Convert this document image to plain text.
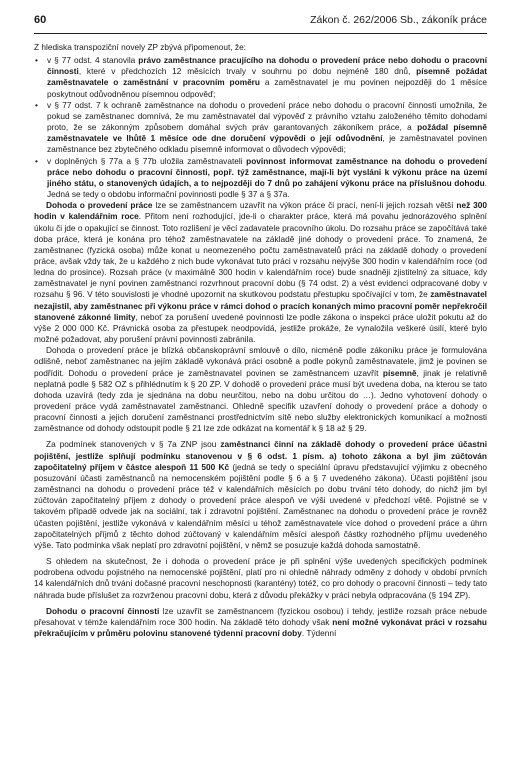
60	Zákon č. 262/2006 Sb., zákoník práce

Z hlediska transpoziční novely ZP zbývá připomenout, že:

• v § 77 odst. 4 stanovila právo zaměstnance pracujícího na dohodu o provedení práce nebo dohodu o pracovní činnosti, které v předchozích 12 měsících trvaly v souhrnu po dobu nejméně 180 dnů, písemně požádat zaměstnavatele o zaměstnání v pracovním poměru a zaměstnavatel je mu povinen nejpozději do 1 měsíce poskytnout odůvodněnou písemnou odpověď;
• v § 77 odst. 7 k ochraně zaměstnance na dohodu o provedení práce nebo dohodu o pracovní činnosti umožnila, že pokud se zaměstnanec domnívá, že mu zaměstnavatel dal výpověď z právního vztahu založeného těmito dohodami proto, že se zákonným způsobem domáhal svých práv garantovaných zákoníkem práce, a požádal písemně zaměstnavatele ve lhůtě 1 měsíce ode dne doručení výpovědi o její odůvodnění, je zaměstnavatel povinen zaměstnance bez zbytečného odkladu písemně informovat o důvodech výpovědi;
• v doplněných § 77a a § 77b uložila zaměstnavateli povinnost informovat zaměstnance na dohodu o provedení práce nebo dohodu o pracovní činnosti, popř. týž zaměstnance, mají-li být vysláni k výkonu práce na území jiného státu, o stanovených údajích, a to nejpozději do 7 dnů po zahájení výkonu práce na příslušnou dohodu. Jedná se tedy o obdobu informační povinnosti podle § 37 a § 37a.

Dohoda o provedení práce lze se zaměstnancem uzavřít na výkon práce či prací, není-li jejich rozsah větší než 300 hodin v kalendářním roce. Přitom není rozhodující, jde-li o charakter práce, která má povahu jednorázového splnění úkolu či jde o opakující se činnost. Toto rozlišení je věcí zadavatele pracovního úkolu. Do rozsahu práce se započítává také doba práce, která je konána pro téhož zaměstnavatele na základě jiné dohody o provedení práce. To znamená, že zaměstnanec (fyzická osoba) může konat u neomezeného počtu zaměstnavatelů práci na základě dohody o provedení práce, avšak vždy tak, že u každého z nich bude vykonávat tuto práci v rozsahu nejvýše 300 hodin v kalendářním roce (od ledna do prosince). Rozsah práce (v maximálně 300 hodin v kalendářním roce) bude snadněji zjistitelný za situace, kdy zaměstnavatel je nyní povinen zaměstnanci rozvrhnout pracovní dobu (§ 74 odst. 2) a vést evidenci odpracované doby v rozsahu § 96. V této souvislosti je vhodné upozornit na skutkovou podstatu přestupku spočívající v tom, že zaměstnavatel nezajistil, aby zaměstnanec při výkonu práce v rámci dohod o pracích konaných mimo pracovní poměr nepřekročil stanovené zákonné limity, neboť za porušení uvedené povinnosti lze podle zákona o inspekci práce uložit pokutu až do výše 2 000 000 Kč. Právnická osoba za přestupek neodpovídá, jestliže prokáže, že vynaložila veškeré úsilí, které bylo možné požadovat, aby porušení právní povinnosti zabránila.

Dohoda o provedení práce je blízká občanskoprávní smlouvě o dílo, nicméně podle zákoníku práce je formulována odlišně, neboť zaměstnanec na jejím základě vykonává práci osobně a podle pokynů zaměstnavatele, jimž je povinen se podřídit. Dohodu o provedení práce je zaměstnavatel povinen se zaměstnancem uzavřít písemně, jinak je relativně neplatná podle § 582 OZ s přihlédnutím k § 20 ZP. V dohodě o provedení práce musí být uvedena doba, na kterou se tato dohoda uzavírá (tedy zda je sjednána na dobu neurčitou, nebo na dobu určitou do …). Jedno vyhotovení dohody o provedení práce vydá zaměstnavatel zaměstnanci. Ohledně specifik uzavření dohody o provedení práce a dohody o pracovní činnosti a jejich doručení zaměstnanci prostřednictvím sítě nebo služby elektronických komunikací a možnosti zaměstnance od dohody odstoupit podle § 21 lze zde odkázat na komentář k § 18 až § 29.

Za podmínek stanovených v § 7a ZNP jsou zaměstnanci činní na základě dohody o provedení práce účastni pojištění, jestliže splňují podmínku stanovenou v § 6 odst. 1 písm. a) tohoto zákona a byl jim zúčtován započitatelný příjem v částce alespoň 11 500 Kč (jedná se tedy o speciální úpravu představující výjimku z obecného posuzování účasti zaměstnanců na nemocenském pojištění podle § 6 a § 7 uvedeného zákona). Účasti pojištění jsou zaměstnanci na dohodu o provedení práce též v kalendářních měsících po dobu trvání této dohody, do nichž jim byl zúčtován započitatelný příjem z dohody o provedení práce alespoň ve výši uvedené v předchozí větě. Pojistné se v takovém případě odvede jak na sociální, tak i zdravotní pojištění. Zaměstnanec na dohodu o provedení práce je rovněž účasten pojištění, jestliže vykonává v kalendářním měsíci u téhož zaměstnavatele více dohod o provedení práce a úhrn započitatelných příjmů z těchto dohod zúčtovaný v kalendářním měsíci alespoň částky rozhodného příjmu uvedeného výše. Tato podmínka však neplatí pro zdravotní pojištění, v němž se posuzuje každá dohoda samostatně.

S ohledem na skutečnost, že i dohoda o provedení práce je při splnění výše uvedených specifických podmínek podrobena odvodu pojistného na nemocenské pojištění, platí pro ni ohledně náhrady odměny z dohody v období prvních 14 kalendářních dnů trvání dočasné pracovní neschopnosti (karantény) totéž, co pro dohody o pracovní činnosti – tedy tato náhrada bude příslušet za rozvrženou pracovní dobu, která z důvodu překážky v práci nebyla odpracována (§ 194 ZP).

Dohodu o pracovní činnosti lze uzavřít se zaměstnancem (fyzickou osobou) i tehdy, jestliže rozsah práce nebude přesahovat v témže kalendářním roce 300 hodin. Na základě této dohody však není možné vykonávat práci v rozsahu překračujícím v průměru polovinu stanovené týdenní pracovní doby. Týdenní
